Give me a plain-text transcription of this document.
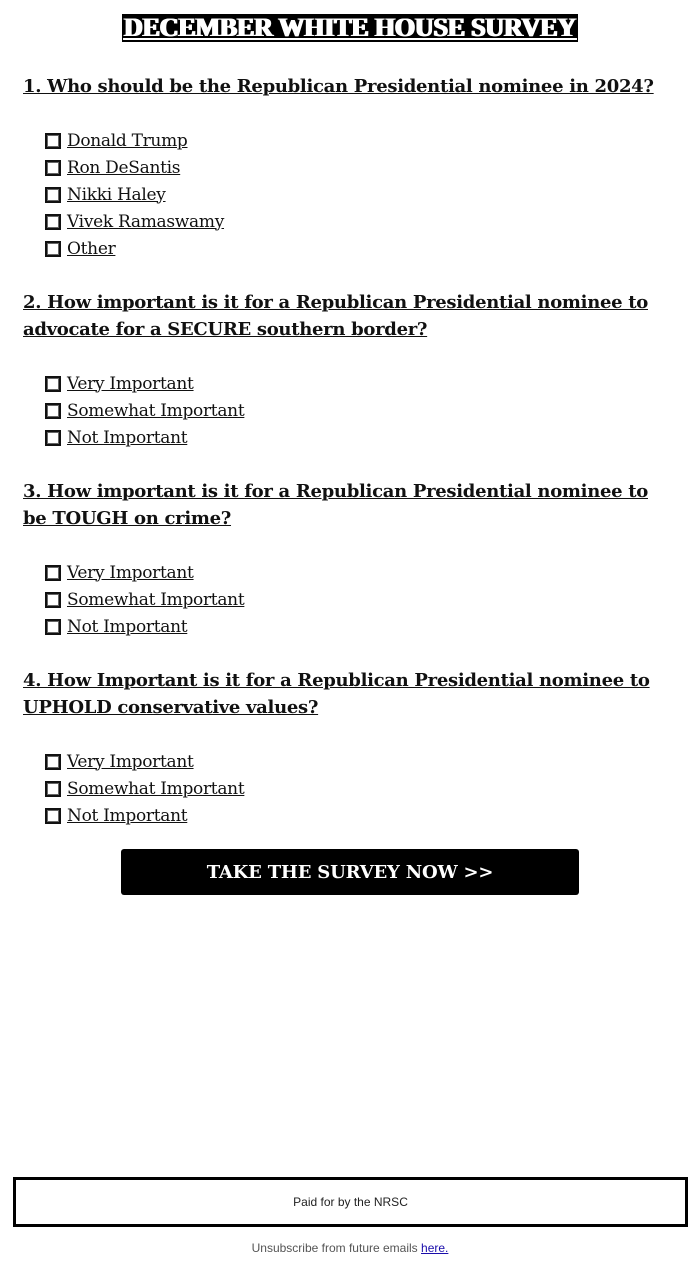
DECEMBER WHITE HOUSE SURVEY
1. Who should be the Republican Presidential nominee in 2024?
Donald Trump
Ron DeSantis
Nikki Haley
Vivek Ramaswamy
Other
2. How important is it for a Republican Presidential nominee to advocate for a SECURE southern border?
Very Important
Somewhat Important
Not Important
3. How important is it for a Republican Presidential nominee to be TOUGH on crime?
Very Important
Somewhat Important
Not Important
4. How Important is it for a Republican Presidential nominee to UPHOLD conservative values?
Very Important
Somewhat Important
Not Important
TAKE THE SURVEY NOW >>
Paid for by the NRSC
Unsubscribe from future emails here.
